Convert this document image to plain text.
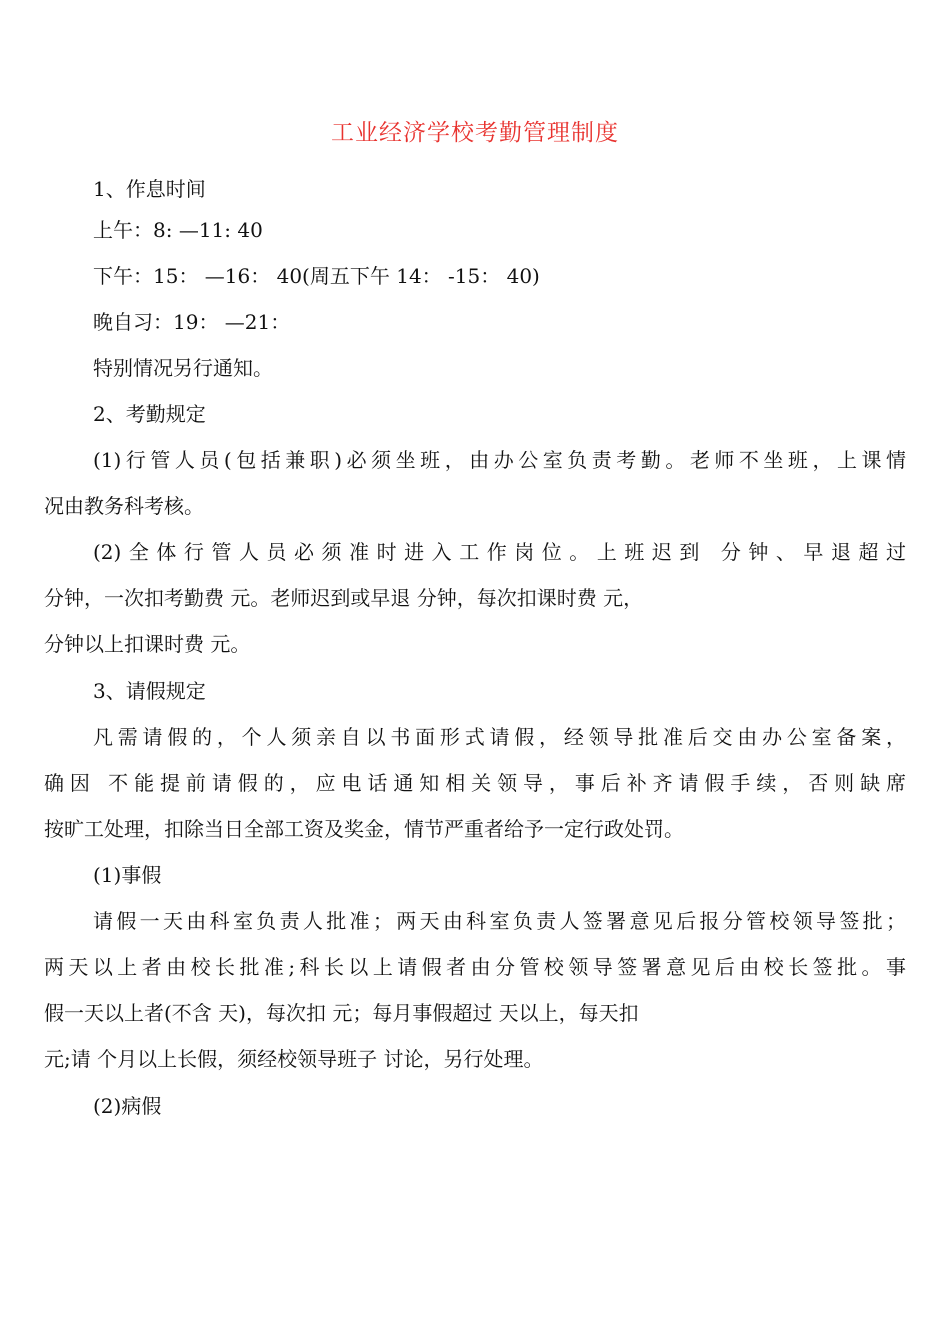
工业经济学校考勤管理制度
1、作息时间
上午：8: —11: 40
下午：15： —16： 40(周五下午 14： -15： 40)
晚自习：19： —21：
特别情况另行通知。
2、考勤规定
(1)行管人员(包括兼职)必须坐班，由办公室负责考勤。老师不坐班，上课情
况由教务科考核。
(2)全体行管人员必须准时进入工作岗位。上班迟到 分钟、早退超过
分钟，一次扣考勤费 元。老师迟到或早退 分钟，每次扣课时费 元，
分钟以上扣课时费 元。
3、请假规定
凡需请假的，个人须亲自以书面形式请假，经领导批准后交由办公室备案，
确因 不能提前请假的，应电话通知相关领导，事后补齐请假手续，否则缺席
按旷工处理，扣除当日全部工资及奖金，情节严重者给予一定行政处罚。
(1)事假
请假一天由科室负责人批准；两天由科室负责人签署意见后报分管校领导签批；
两天以上者由校长批准;科长以上请假者由分管校领导签署意见后由校长签批。事
假一天以上者(不含 天)，每次扣 元；每月事假超过 天以上，每天扣
元;请 个月以上长假，须经校领导班子 讨论，另行处理。
(2)病假
